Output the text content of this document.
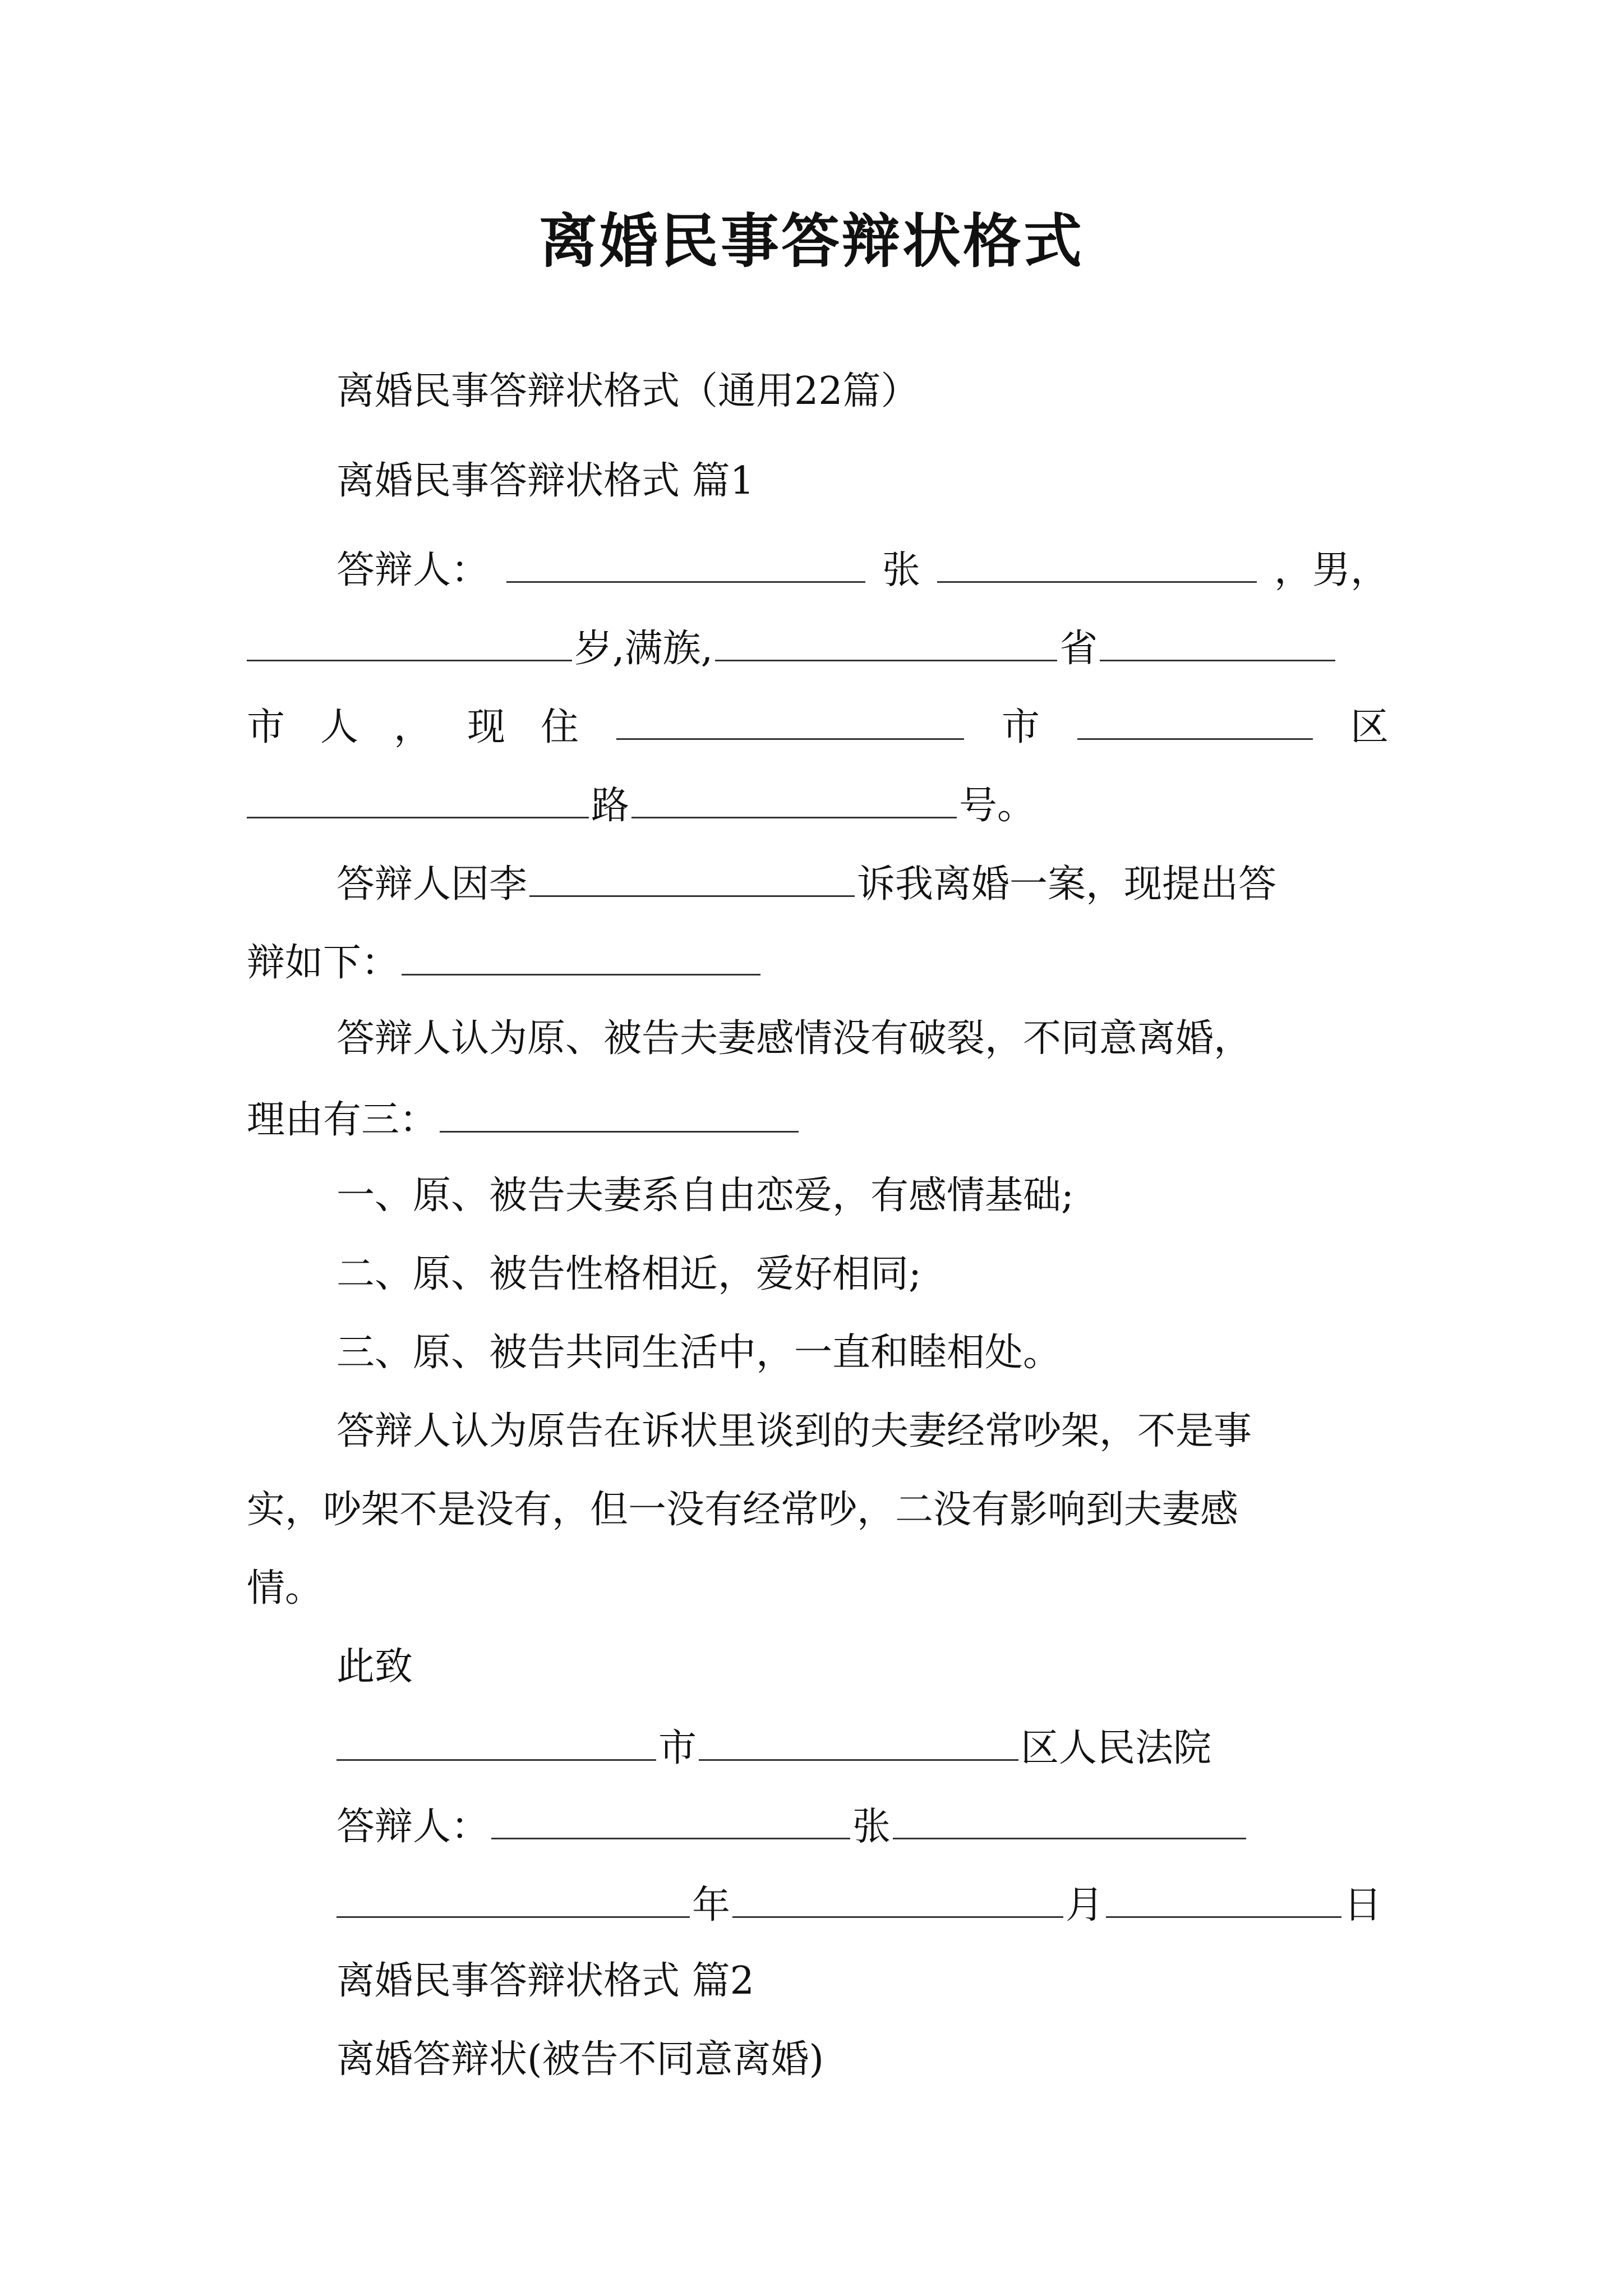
离婚民事答辩状格式
离婚民事答辩状格式（通用22篇）
离婚民事答辩状格式 篇1
答辩人：	张	，男，
岁,满族,	省
市 人 ， 现 住	市	区
路	号。
答辩人因李	诉我离婚一案，现提出答
辩如下：
答辩人认为原、被告夫妻感情没有破裂，不同意离婚，
理由有三：
一、原、被告夫妻系自由恋爱，有感情基础;
二、原、被告性格相近，爱好相同;
三、原、被告共同生活中，一直和睦相处。
答辩人认为原告在诉状里谈到的夫妻经常吵架，不是事
实，吵架不是没有，但一没有经常吵，二没有影响到夫妻感
情。
此致
市	区人民法院
答辩人：	张
年	月	日
离婚民事答辩状格式 篇2
离婚答辩状(被告不同意离婚)
